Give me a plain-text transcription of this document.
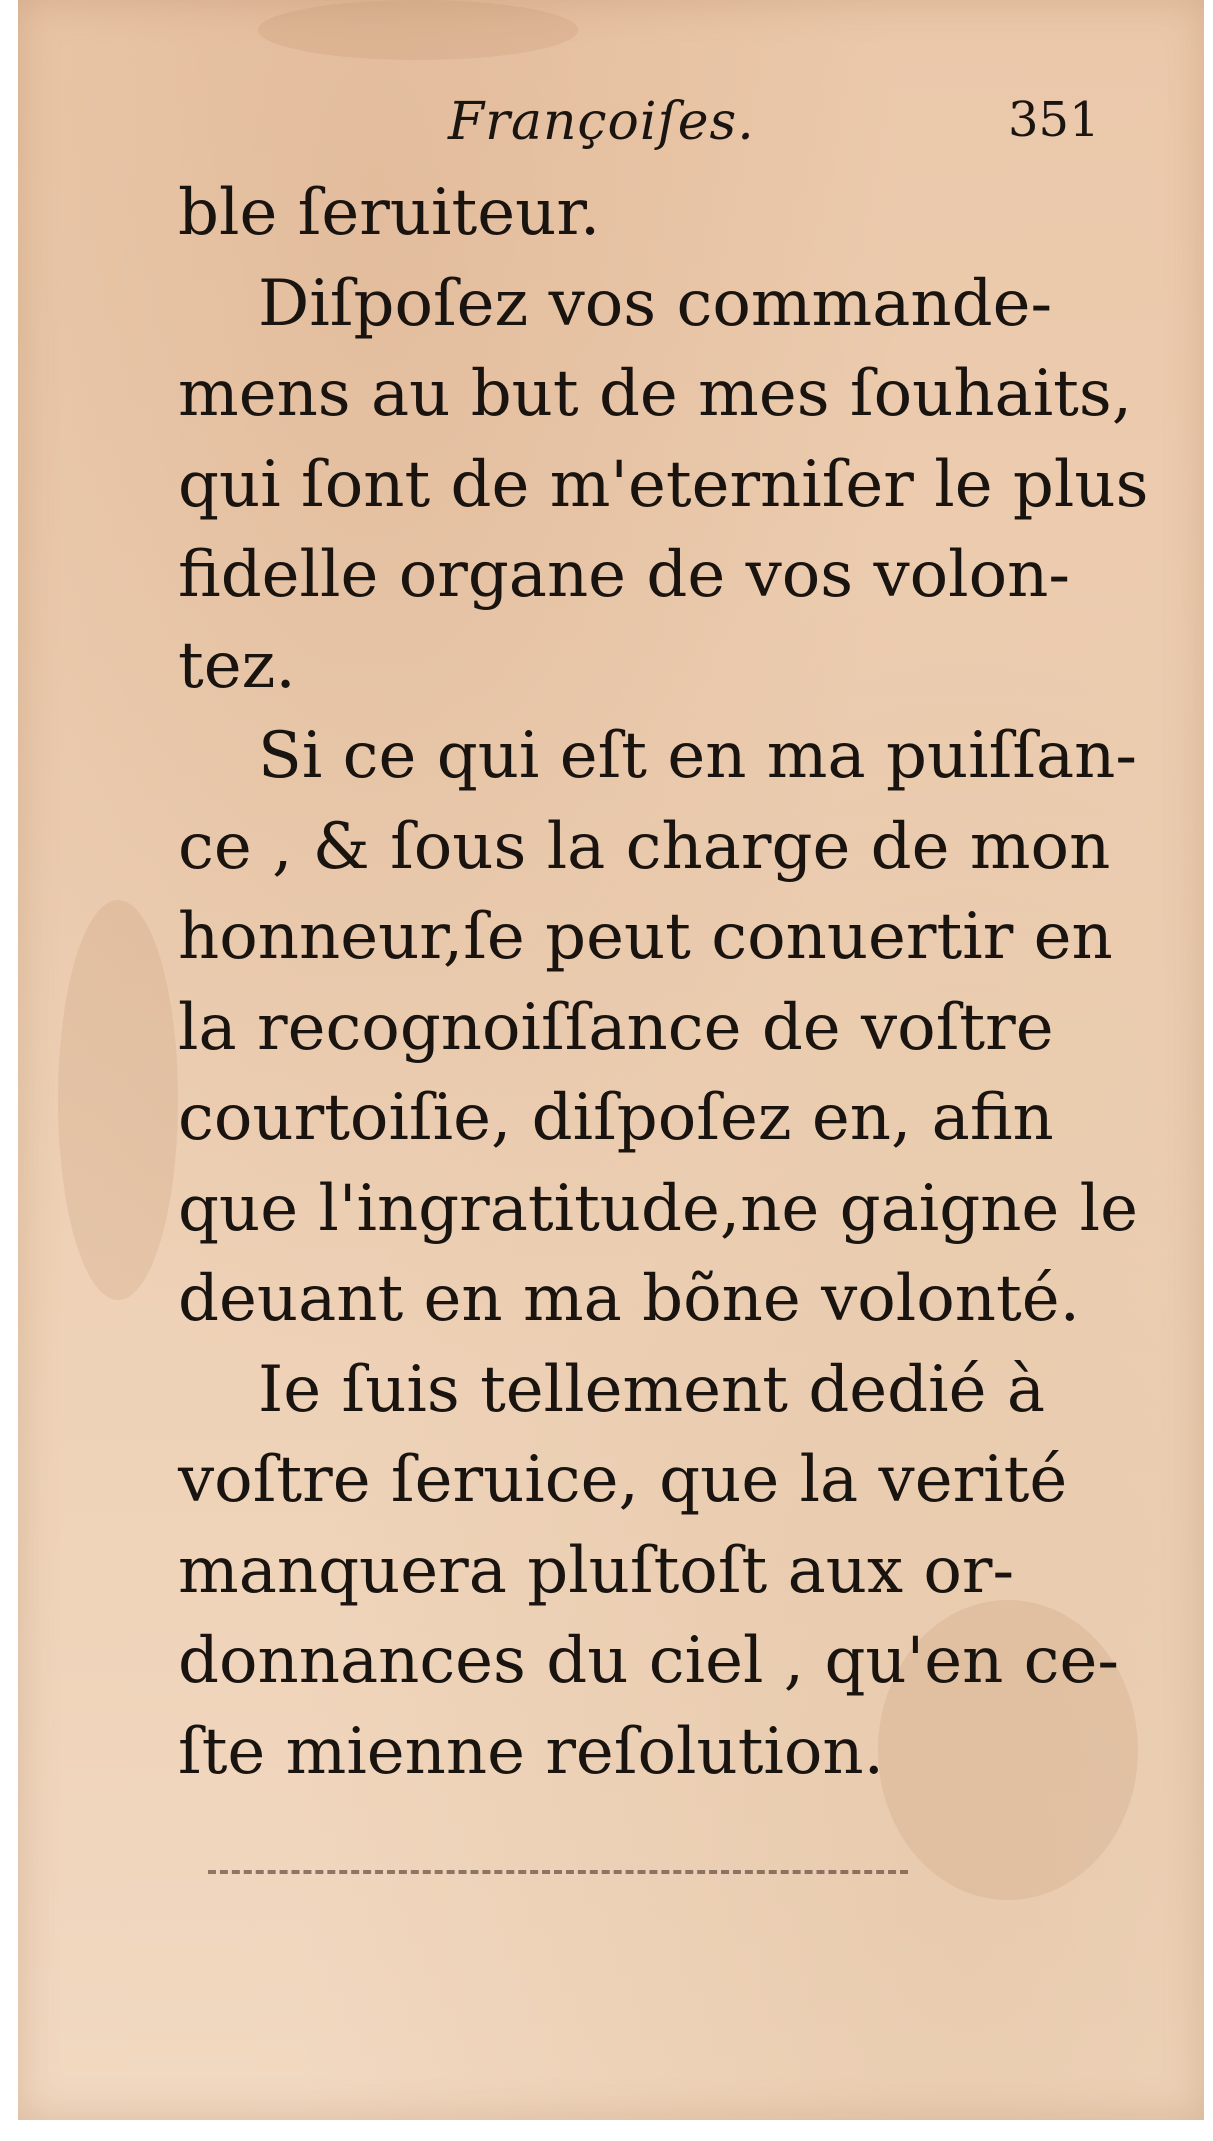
Françoiſes.	351
ble ſeruiteur.
Diſpoſez vos commande-
mens au but de mes ſouhaits,
qui ſont de m'eterniſer le plus
fidelle organe de vos volon-
tez.
Si ce qui eſt en ma puiſſan-
ce , & ſous la charge de mon
honneur,ſe peut conuertir en
la recognoiſſance de voſtre
courtoiſie, diſpoſez en, afin
que l'ingratitude,ne gaigne le
deuant en ma bõne volonté.
Ie ſuis tellement dedié à
voſtre ſeruice, que la verité
manquera pluſtoſt aux or-
donnances du ciel , qu'en ce-
ſte mienne reſolution.
